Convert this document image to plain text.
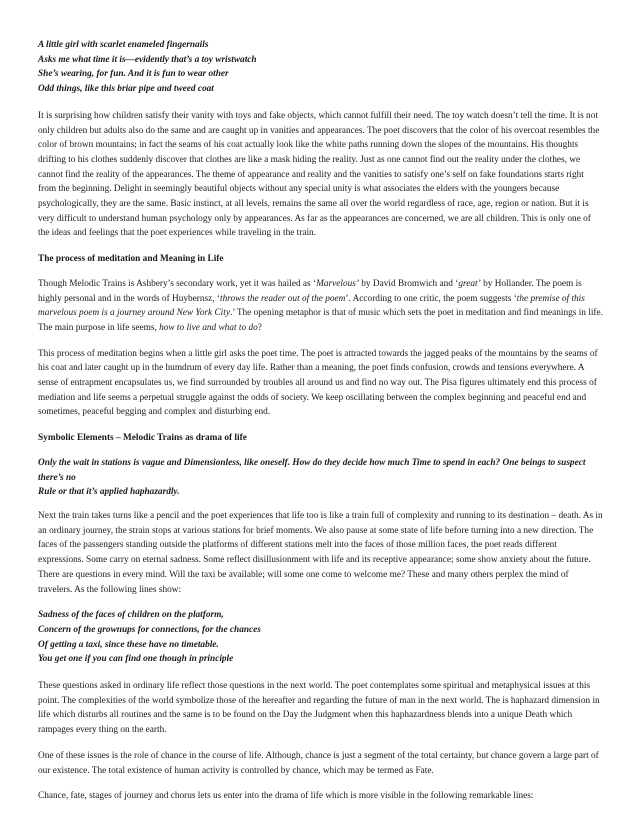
A little girl with scarlet enameled fingernails
Asks me what time it is—evidently that’s a toy wristwatch
She’s wearing, for fun. And it is fun to wear other
Odd things, like this briar pipe and tweed coat

It is surprising how children satisfy their vanity with toys and fake objects, which cannot fulfill their need. The toy watch doesn’t tell the time. It is not only children but adults also do the same and are caught up in vanities and appearances. The poet discovers that the color of his overcoat resembles the color of brown mountains; in fact the seams of his coat actually look like the white paths running down the slopes of the mountains. His thoughts drifting to his clothes suddenly discover that clothes are like a mask hiding the reality. Just as one cannot find out the reality under the clothes, we cannot find the reality of the appearances. The theme of appearance and reality and the vanities to satisfy one’s self on fake foundations starts right from the beginning. Delight in seemingly beautiful objects without any special unity is what associates the elders with the youngers because psychologically, they are the same. Basic instinct, at all levels, remains the same all over the world regardless of race, age, region or nation. But it is very difficult to understand human psychology only by appearances. As far as the appearances are concerned, we are all children. This is only one of the ideas and feelings that the poet experiences while traveling in the train.

The process of meditation and Meaning in Life

Though Melodic Trains is Ashbery’s secondary work, yet it was hailed as ‘Marvelous’ by David Bromwich and ‘great’ by Hollander. The poem is highly personal and in the words of Huybernsz, ‘throws the reader out of the poem’. According to one critic, the poem suggests ‘the premise of this marvelous poem is a journey around New York City.’ The opening metaphor is that of music which sets the poet in meditation and find meanings in life. The main purpose in life seems, how to live and what to do?

This process of meditation begins when a little girl asks the poet time. The poet is attracted towards the jagged peaks of the mountains by the seams of his coat and later caught up in the humdrum of every day life. Rather than a meaning, the poet finds confusion, crowds and tensions everywhere. A sense of entrapment encapsulates us, we find surrounded by troubles all around us and find no way out. The Pisa figures ultimately end this process of mediation and life seems a perpetual struggle against the odds of society. We keep oscillating between the complex beginning and peaceful end and sometimes, peaceful begging and complex and disturbing end.

Symbolic Elements – Melodic Trains as drama of life

Only the wait in stations is vague and Dimensionless, like oneself. How do they decide how much Time to spend in each? One beings to suspect there’s no
Rule or that it’s applied haphazardly.

Next the train takes turns like a pencil and the poet experiences that life too is like a train full of complexity and running to its destination – death. As in an ordinary journey, the strain stops at various stations for brief moments. We also pause at some state of life before turning into a new direction. The faces of the passengers standing outside the platforms of different stations melt into the faces of those million faces, the poet reads different expressions. Some carry on eternal sadness. Some reflect disillusionment with life and its receptive appearance; some show anxiety about the future. There are questions in every mind. Will the taxi be available; will some one come to welcome me? These and many others perplex the mind of travelers. As the following lines show:

Sadness of the faces of children on the platform,
Concern of the grownups for connections, for the chances
Of getting a taxi, since these have no timetable.
You get one if you can find one though in principle

These questions asked in ordinary life reflect those questions in the next world. The poet contemplates some spiritual and metaphysical issues at this point. The complexities of the world symbolize those of the hereafter and regarding the future of man in the next world. The is haphazard dimension in life which disturbs all routines and the same is to be found on the Day the Judgment when this haphazardness blends into a unique Death which rampages every thing on the earth.

One of these issues is the role of chance in the course of life. Although, chance is just a segment of the total certainty, but chance govern a large part of our existence. The total existence of human activity is controlled by chance, which may be termed as Fate.

Chance, fate, stages of journey and chorus lets us enter into the drama of life which is more visible in the following remarkable lines:
